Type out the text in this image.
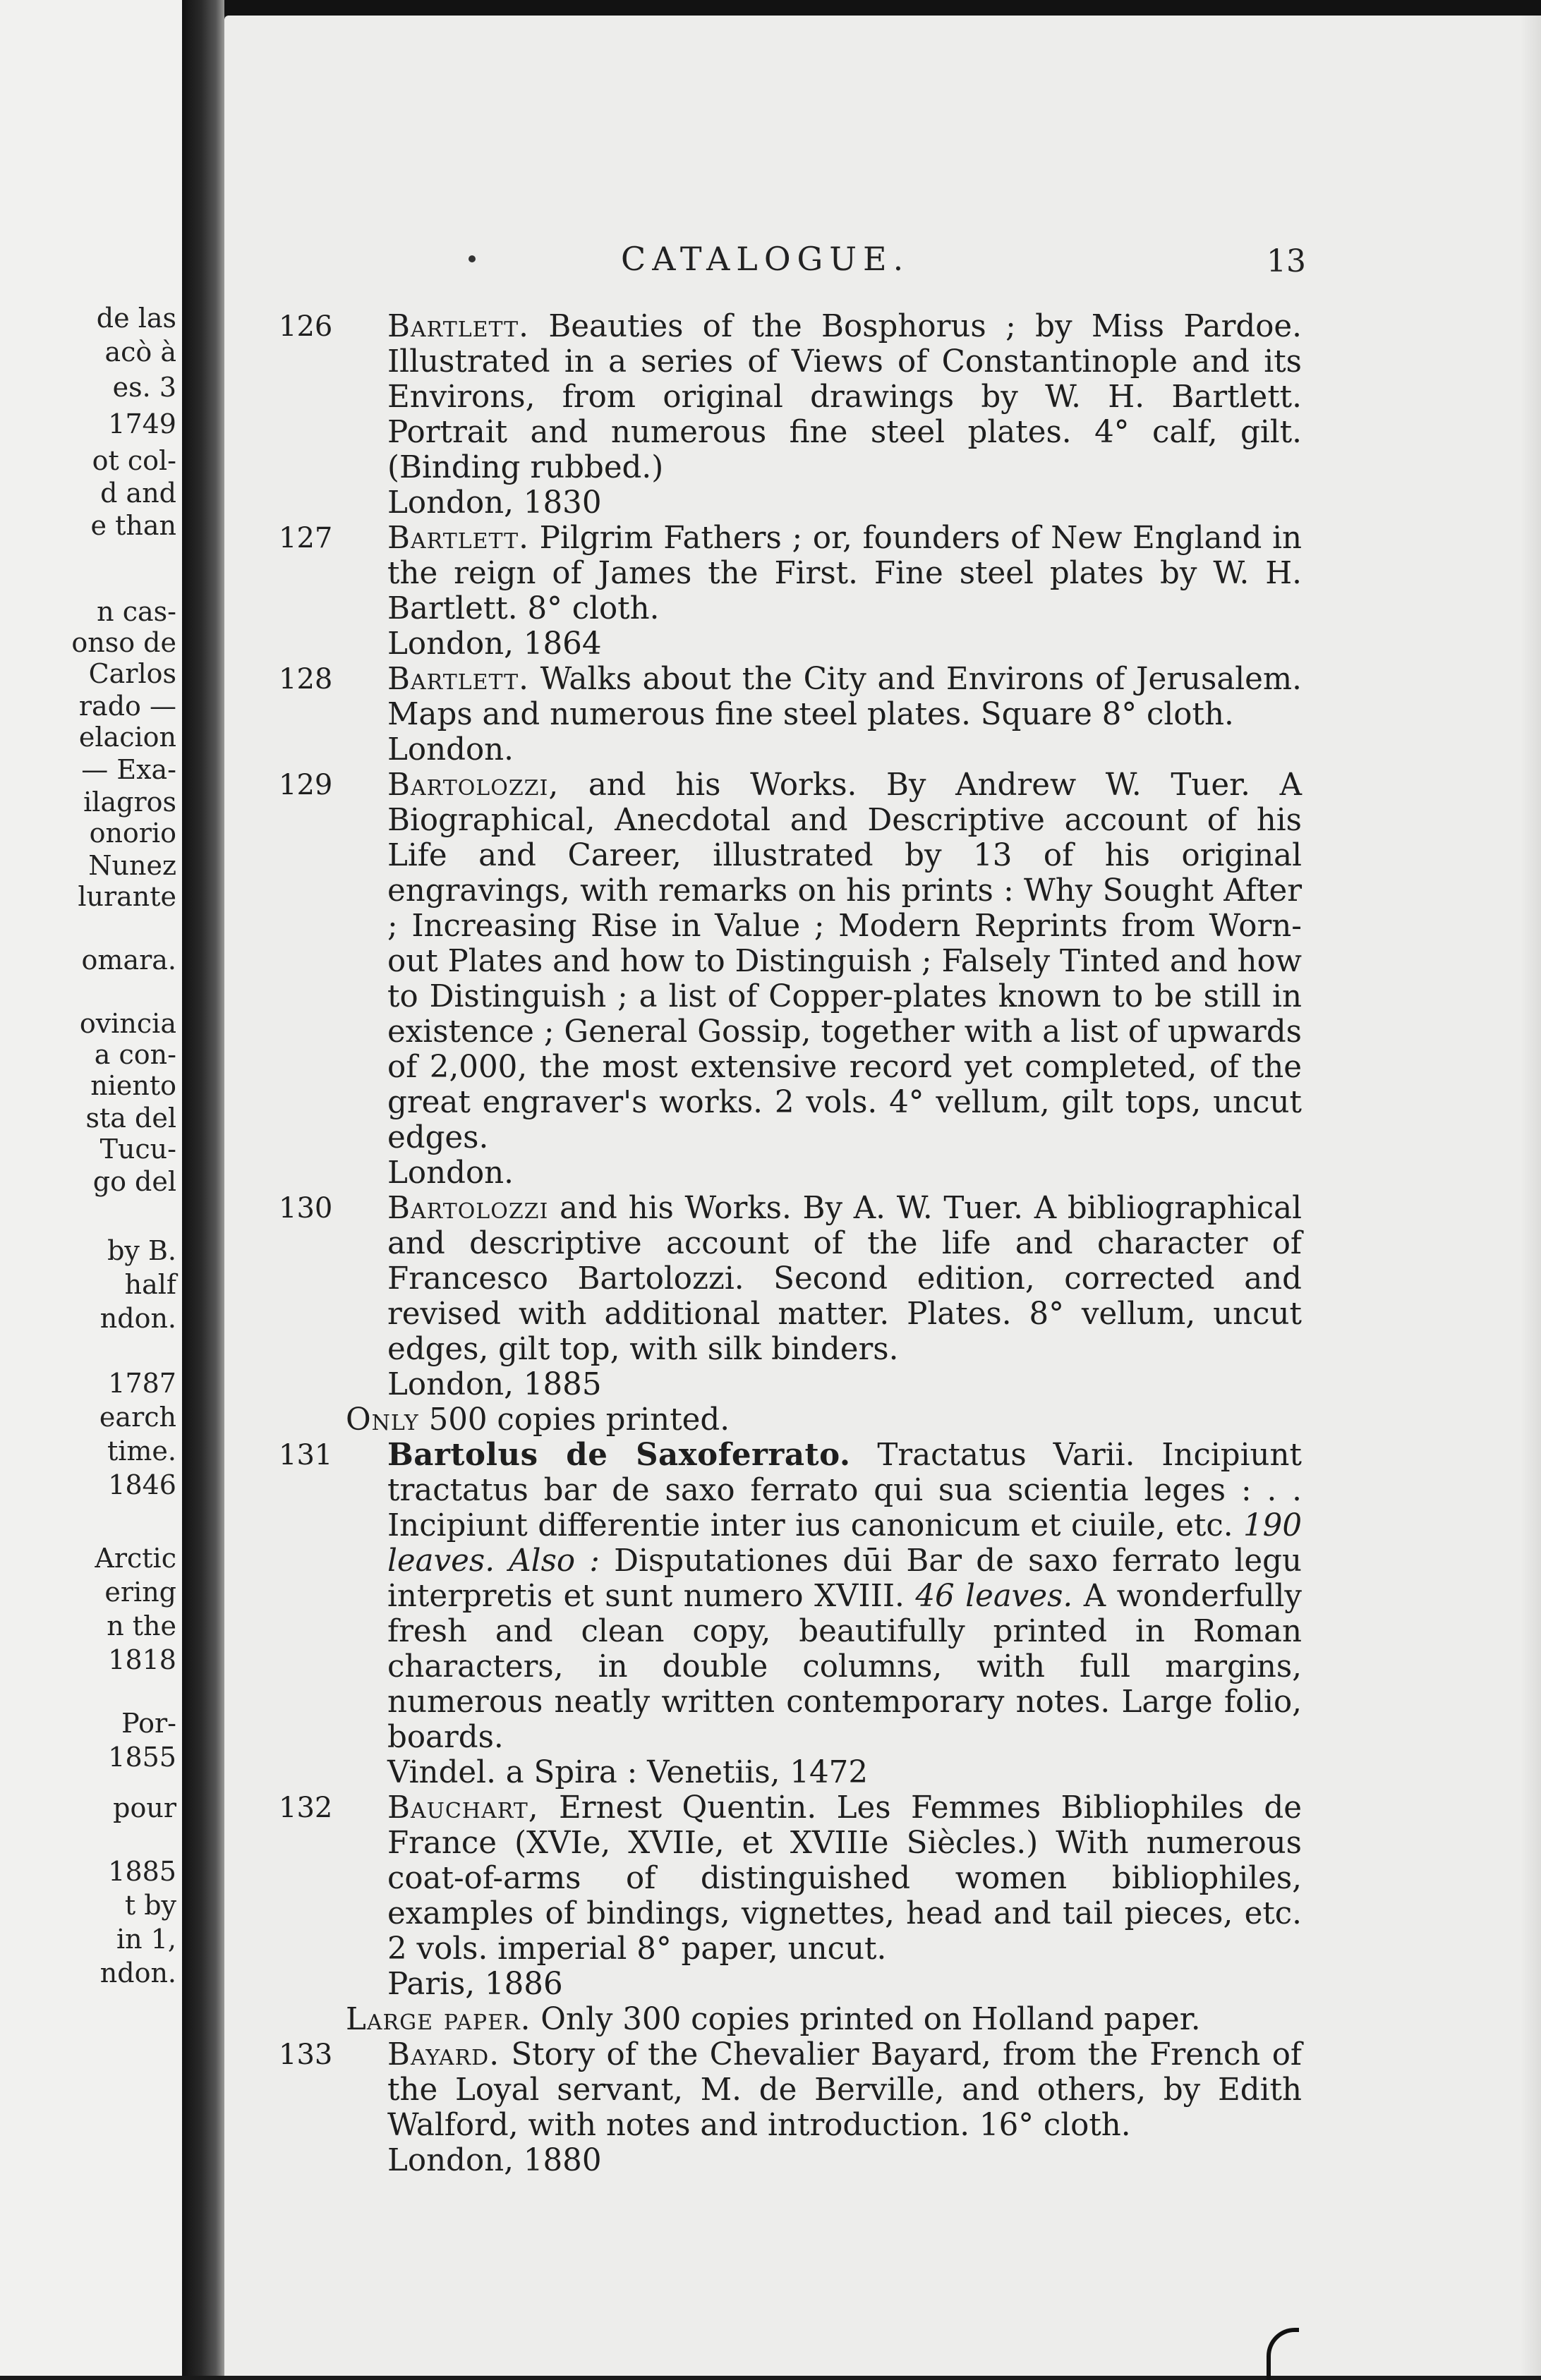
de las
acò à
es. 3
1749
ot col-
d and
e than
n cas-
onso de
Carlos
rado —
elacion
— Exa-
ilagros
onorio
Nunez
lurante
omara.
ovincia
a con-
niento
sta del
Tucu-
go del
by B.
half
ndon.
1787
earch
time.
1846
Arctic
ering
n the
1818
Por-
1855
pour
1885
t by
in 1,
ndon.
CATALOGUE.	13
126	Bartlett. Beauties of the Bosphorus ; by Miss Pardoe. Illustrated in a series of Views of Constantinople and its Environs, from original drawings by W. H. Bartlett. Portrait and numerous fine steel plates. 4° calf, gilt. (Binding rubbed.)
London, 1830
127	Bartlett. Pilgrim Fathers ; or, founders of New England in the reign of James the First. Fine steel plates by W. H. Bartlett. 8° cloth.
London, 1864
128	Bartlett. Walks about the City and Environs of Jerusalem. Maps and numerous fine steel plates. Square 8° cloth.
London.
129	Bartolozzi, and his Works. By Andrew W. Tuer. A Biographical, Anecdotal and Descriptive account of his Life and Career, illustrated by 13 of his original engravings, with remarks on his prints : Why Sought After ; Increasing Rise in Value ; Modern Reprints from Worn-out Plates and how to Distinguish ; Falsely Tinted and how to Distinguish ; a list of Copper-plates known to be still in existence ; General Gossip, together with a list of upwards of 2,000, the most extensive record yet completed, of the great engraver's works. 2 vols. 4° vellum, gilt tops, uncut edges.
London.
130	Bartolozzi and his Works. By A. W. Tuer. A bibliographical and descriptive account of the life and character of Francesco Bartolozzi. Second edition, corrected and revised with additional matter. Plates. 8° vellum, uncut edges, gilt top, with silk binders.
London, 1885
Only 500 copies printed.
131	Bartolus de Saxoferrato. Tractatus Varii. Incipiunt tractatus bar de saxo ferrato qui sua scientia leges : . . Incipiunt differentie inter ius canonicum et ciuile, etc. 190 leaves. Also : Disputationes dūi Bar de saxo ferrato legu interpretis et sunt numero XVIII. 46 leaves. A wonderfully fresh and clean copy, beautifully printed in Roman characters, in double columns, with full margins, numerous neatly written contemporary notes. Large folio, boards.
Vindel. a Spira : Venetiis, 1472
132	Bauchart, Ernest Quentin. Les Femmes Bibliophiles de France (XVIe, XVIIe, et XVIIIe Siècles.) With numerous coat-of-arms of distinguished women bibliophiles, examples of bindings, vignettes, head and tail pieces, etc. 2 vols. imperial 8° paper, uncut.
Paris, 1886
Large paper. Only 300 copies printed on Holland paper.
133	Bayard. Story of the Chevalier Bayard, from the French of the Loyal servant, M. de Berville, and others, by Edith Walford, with notes and introduction. 16° cloth.
London, 1880
